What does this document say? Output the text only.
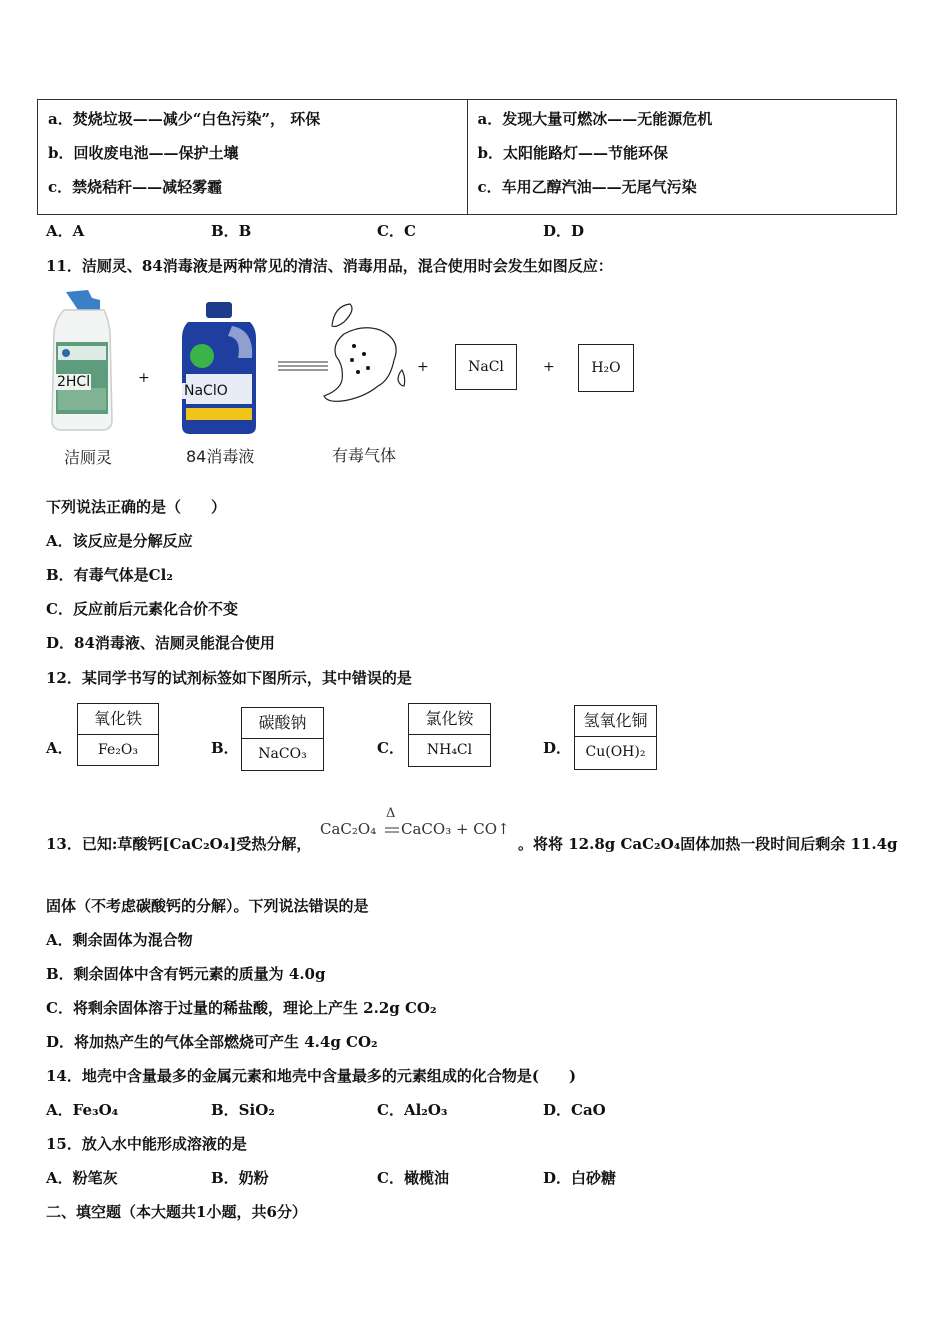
a．焚烧垃圾——减少“白色污染”， 环保
b．回收废电池——保护土壤
c．禁烧秸秆——减轻雾霾

a．发现大量可燃冰——无能源危机
b．太阳能路灯——节能环保
c．车用乙醇汽油——无尾气污染
A．A	B．B	C．C	D．D
11．洁厕灵、84消毒液是两种常见的清洁、消毒用品，混合使用时会发生如图反应：
2HCl	+
NaClO
+	NaCl	+	H₂O
洁厕灵	84消毒液	有毒气体
下列说法正确的是（　　）
A．该反应是分解反应
B．有毒气体是Cl₂
C．反应前后元素化合价不变
D．84消毒液、洁厕灵能混合使用
12．某同学书写的试剂标签如下图所示，其中错误的是
A．
氧化铁
Fe₂O₃	B．
碳酸钠
NaCO₃	C．
氯化铵
NH₄Cl	D．
氢氧化铜
Cu(OH)₂
13．已知:草酸钙[CaC₂O₄]受热分解，
CaC₂O₄
Δ
CaCO₃ + CO↑
。将将 12.8g CaC₂O₄固体加热一段时间后剩余 11.4g
固体（不考虑碳酸钙的分解）。下列说法错误的是
A．剩余固体为混合物
B．剩余固体中含有钙元素的质量为 4.0g
C．将剩余固体溶于过量的稀盐酸，理论上产生 2.2g CO₂
D．将加热产生的气体全部燃烧可产生 4.4g CO₂
14．地壳中含量最多的金属元素和地壳中含量最多的元素组成的化合物是(　　)
A．Fe₃O₄	B．SiO₂	C．Al₂O₃	D．CaO
15．放入水中能形成溶液的是
A．粉笔灰	B．奶粉	C．橄榄油	D．白砂糖
二、填空题（本大题共1小题，共6分）
